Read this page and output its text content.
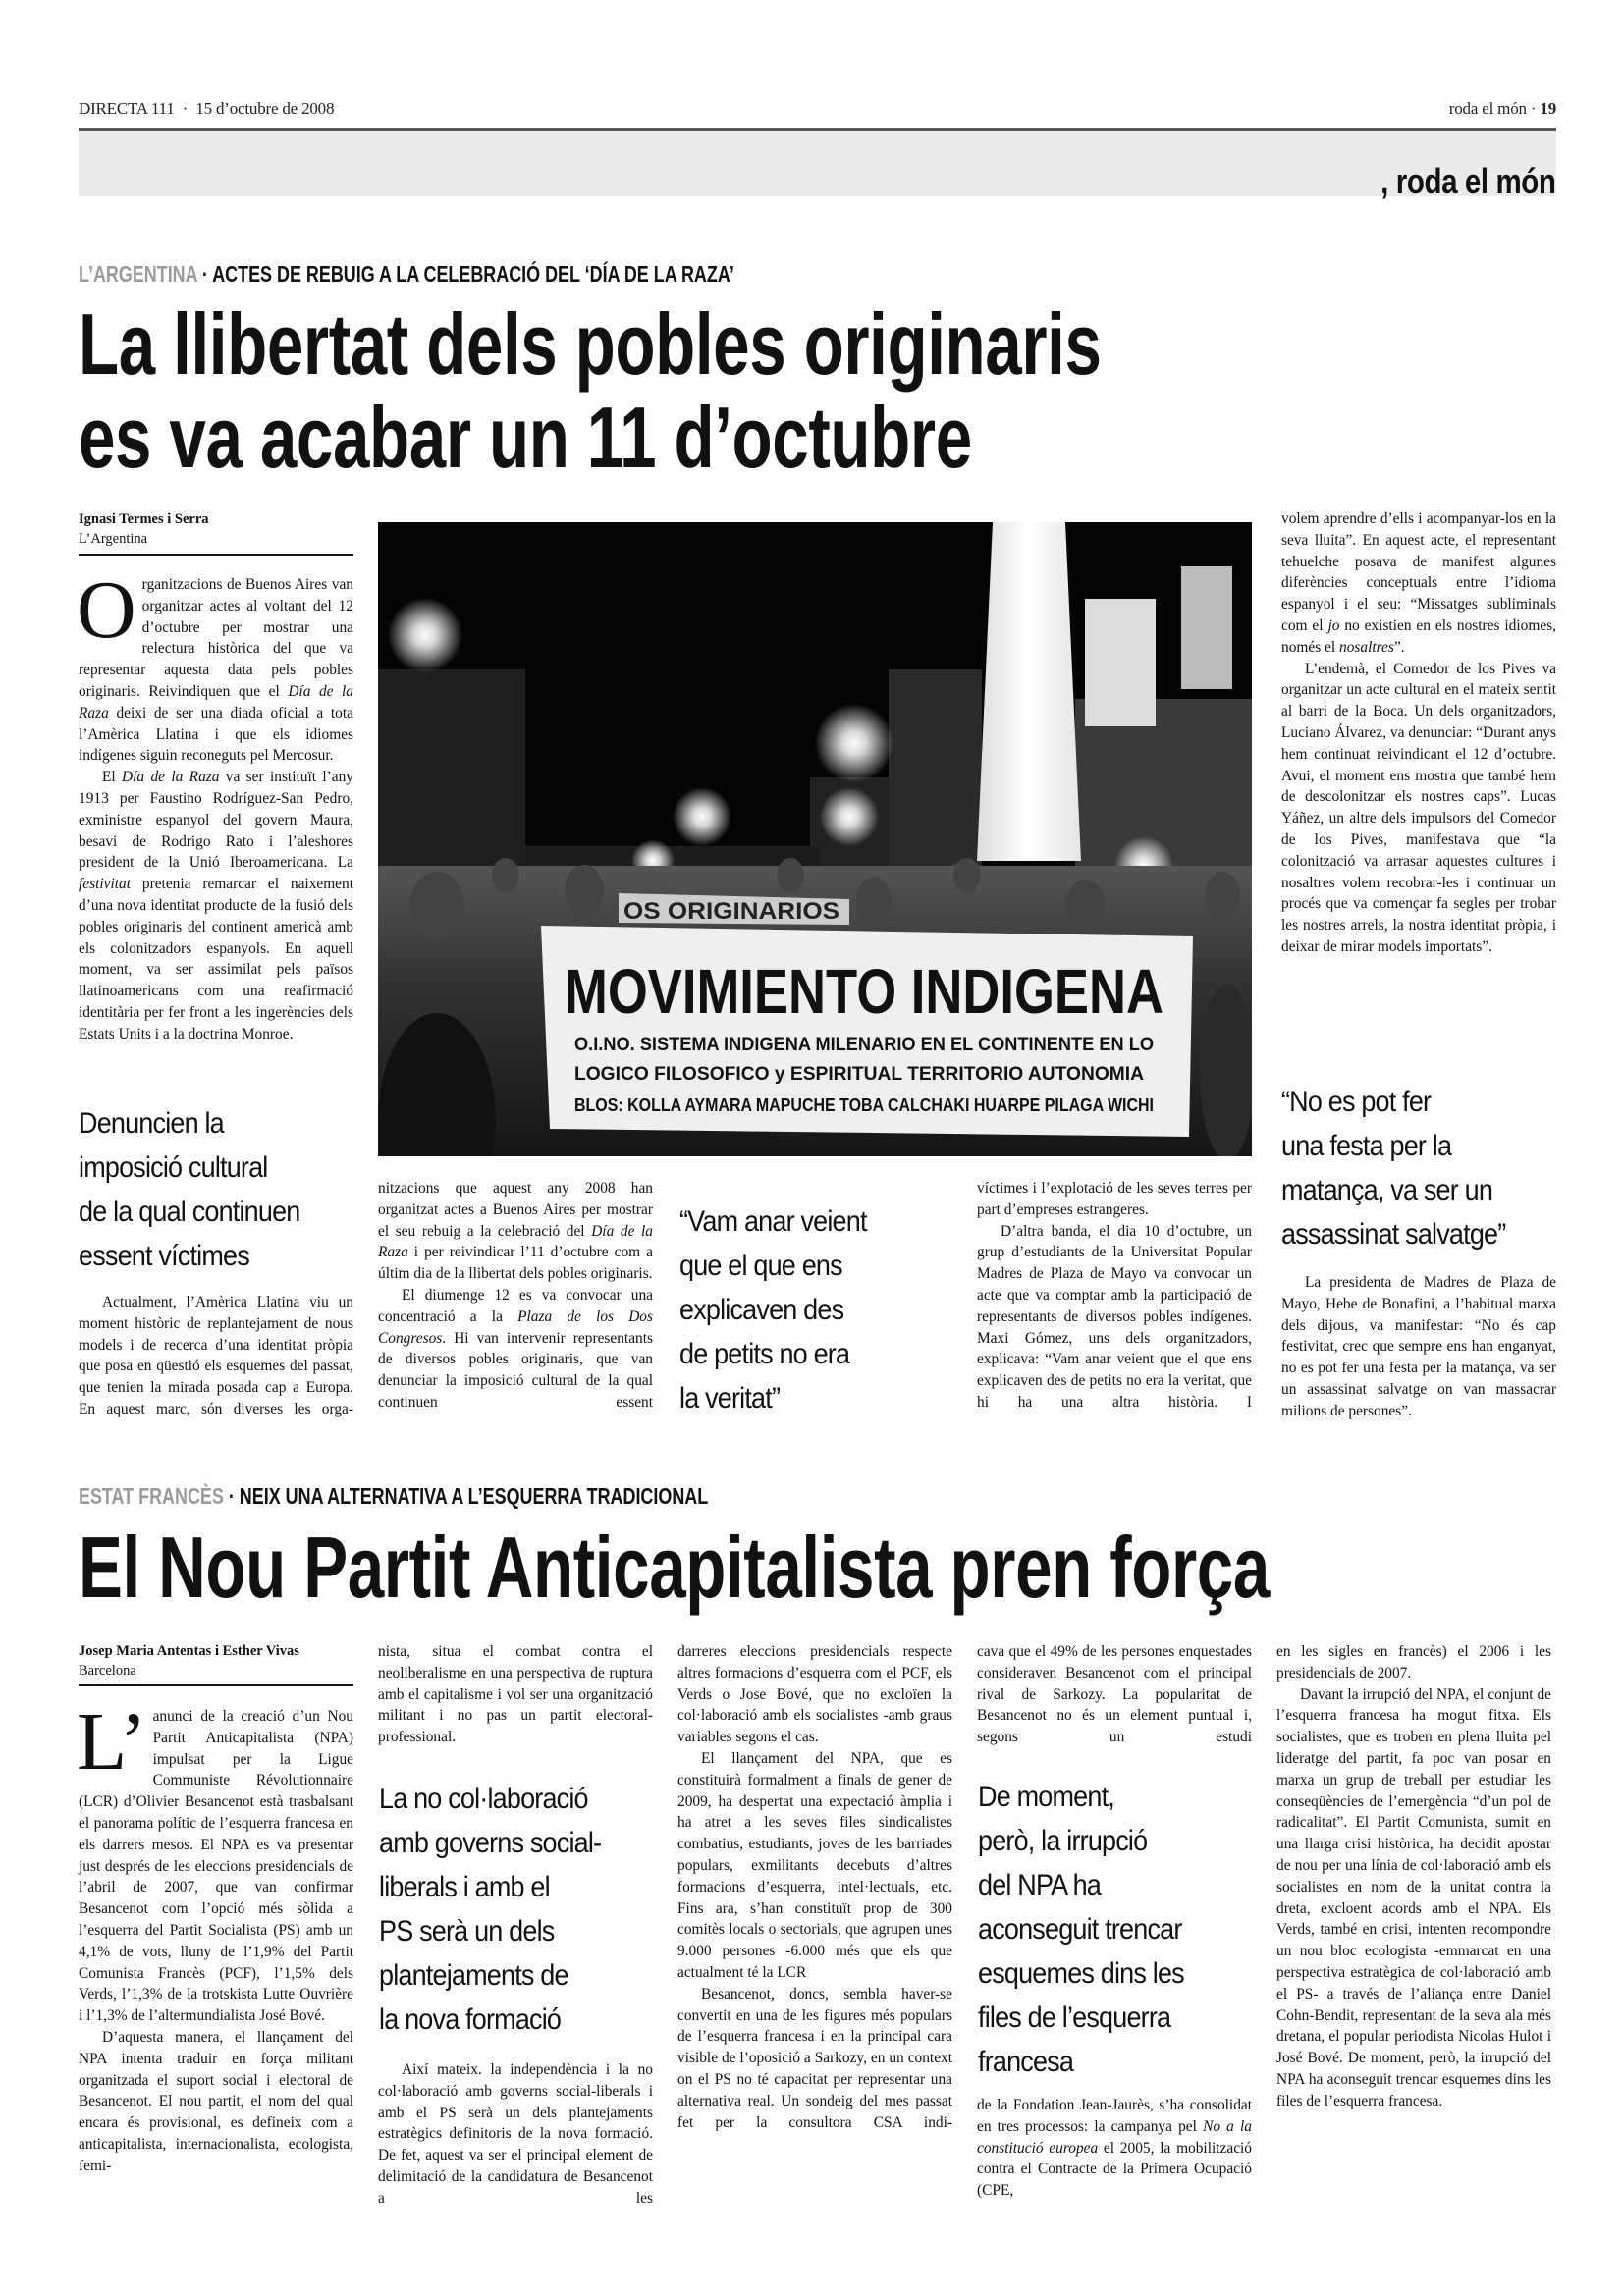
DIRECTA 111 · 15 d’octubre de 2008	roda el món · 19
, roda el món
L’ARGENTINA · ACTES DE REBUIG A LA CELEBRACIÓ DEL ‘DÍA DE LA RAZA’
La llibertat dels pobles originaris
es va acabar un 11 d’octubre
Ignasi Termes i Serra
L’Argentina

Organitzacions de Buenos Aires van organitzar actes al voltant del 12 d’octubre per mostrar una relectura històrica del que va representar aquesta data pels pobles originaris. Reivindiquen que el Día de la Raza deixi de ser una diada oficial a tota l’Amèrica Llatina i que els idiomes indígenes siguin reconeguts pel Mercosur.

El Día de la Raza va ser instituït l’any 1913 per Faustino Rodríguez-San Pedro, exministre espanyol del govern Maura, besavi de Rodrigo Rato i l’aleshores president de la Unió Iberoamericana. La festivitat pretenia remarcar el naixement d’una nova identitat producte de la fusió dels pobles originaris del continent americà amb els colonitzadors espanyols. En aquell moment, va ser assimilat pels països llatinoamericans com una reafirmació identitària per fer front a les ingerències dels Estats Units i a la doctrina Monroe.

Denuncien la
imposició cultural
de la qual continuen
essent víctimes

Actualment, l’Amèrica Llatina viu un moment històric de replantejament de nous models i de recerca d’una identitat pròpia que posa en qüestió els esquemes del passat, que tenien la mirada posada cap a Europa. En aquest marc, són diverses les orga-

nitzacions que aquest any 2008 han organitzat actes a Buenos Aires per mostrar el seu rebuig a la celebració del Día de la Raza i per reivindicar l’11 d’octubre com a últim dia de la llibertat dels pobles originaris.

El diumenge 12 es va convocar una concentració a la Plaza de los Dos Congresos. Hi van intervenir representants de diversos pobles originaris, que van denunciar la imposició cultural de la qual continuen essent

“Vam anar veient
que el que ens
explicaven des
de petits no era
la veritat”

víctimes i l’explotació de les seves terres per part d’empreses estrangeres.

D’altra banda, el dia 10 d’octubre, un grup d’estudiants de la Universitat Popular Madres de Plaza de Mayo va convocar un acte que va comptar amb la participació de representants de diversos pobles indígenes. Maxi Gómez, uns dels organitzadors, explicava: “Vam anar veient que el que ens explicaven des de petits no era la veritat, que hi ha una altra història. I

volem aprendre d’ells i acompanyar-los en la seva lluita”. En aquest acte, el representant tehuelche posava de manifest algunes diferències conceptuals entre l’idioma espanyol i el seu: “Missatges subliminals com el jo no existien en els nostres idiomes, només el nosaltres”.

L’endemà, el Comedor de los Pives va organitzar un acte cultural en el mateix sentit al barri de la Boca. Un dels organitzadors, Luciano Álvarez, va denunciar: “Durant anys hem continuat reivindicant el 12 d’octubre. Avui, el moment ens mostra que també hem de descolonitzar els nostres caps”. Lucas Yáñez, un altre dels impulsors del Comedor de los Pives, manifestava que “la colonització va arrasar aquestes cultures i nosaltres volem recobrar-les i continuar un procés que va començar fa segles per trobar les nostres arrels, la nostra identitat pròpia, i deixar de mirar models importats”.

“No es pot fer
una festa per la
matança, va ser un
assassinat salvatge”

La presidenta de Madres de Plaza de Mayo, Hebe de Bonafini, a l’habitual marxa dels dijous, va manifestar: “No és cap festivitat, crec que sempre ens han enganyat, no es pot fer una festa per la matança, va ser un assassinat salvatge on van massacrar milions de persones”.

OS ORIGINARIOS
MOVIMIENTO INDIGENA
O.I.NO. SISTEMA INDIGENA MILENARIO EN EL CONTINENTE EN LO
LOGICO FILOSOFICO y ESPIRITUAL TERRITORIO AUTONOMIA
BLOS: KOLLA AYMARA MAPUCHE TOBA CALCHAKI HUARPE PILAGA WICHI
ESTAT FRANCÈS · NEIX UNA ALTERNATIVA A L’ESQUERRA TRADICIONAL
El Nou Partit Anticapitalista pren força
Josep Maria Antentas i Esther Vivas
Barcelona

L’ anunci de la creació d’un Nou Partit Anticapitalista (NPA) impulsat per la Ligue Communiste Révolutionnaire (LCR) d’Olivier Besancenot està trasbalsant el panorama polític de l’esquerra francesa en els darrers mesos. El NPA es va presentar just després de les eleccions presidencials de l’abril de 2007, que van confirmar Besancenot com l’opció més sòlida a l’esquerra del Partit Socialista (PS) amb un 4,1% de vots, lluny de l’1,9% del Partit Comunista Francès (PCF), l’1,5% dels Verds, l’1,3% de la trotskista Lutte Ouvrière i l’1,3% de l’altermundialista José Bové.

D’aquesta manera, el llançament del NPA intenta traduir en força militant organitzada el suport social i electoral de Besancenot. El nou partit, el nom del qual encara és provisional, es defineix com a anticapitalista, internacionalista, ecologista, femi-

nista, situa el combat contra el neoliberalisme en una perspectiva de ruptura amb el capitalisme i vol ser una organització militant i no pas un partit electoral-professional.

La no col·laboració
amb governs social-
liberals i amb el
PS serà un dels
plantejaments de
la nova formació

Així mateix. la independència i la no col·laboració amb governs social-liberals i amb el PS serà un dels plantejaments estratègics definitoris de la nova formació. De fet, aquest va ser el principal element de delimitació de la candidatura de Besancenot a les

darreres eleccions presidencials respecte altres formacions d’esquerra com el PCF, els Verds o Jose Bové, que no excloïen la col·laboració amb els socialistes -amb graus variables segons el cas.

El llançament del NPA, que es constituirà formalment a finals de gener de 2009, ha despertat una expectació àmplia i ha atret a les seves files sindicalistes combatius, estudiants, joves de les barriades populars, exmilitants decebuts d’altres formacions d’esquerra, intel·lectuals, etc. Fins ara, s’han constituït prop de 300 comitès locals o sectorials, que agrupen unes 9.000 persones -6.000 més que els que actualment té la LCR

Besancenot, doncs, sembla haver-se convertit en una de les figures més populars de l’esquerra francesa i en la principal cara visible de l’oposició a Sarkozy, en un context on el PS no té capacitat per representar una alternativa real. Un sondeig del mes passat fet per la consultora CSA indi-

cava que el 49% de les persones enquestades consideraven Besancenot com el principal rival de Sarkozy. La popularitat de Besancenot no és un element puntual i, segons un estudi

De moment,
però, la irrupció
del NPA ha
aconseguit trencar
esquemes dins les
files de l’esquerra
francesa

de la Fondation Jean-Jaurès, s’ha consolidat en tres processos: la campanya pel No a la constitució europea el 2005, la mobilització contra el Contracte de la Primera Ocupació (CPE,

en les sigles en francès) el 2006 i les presidencials de 2007.

Davant la irrupció del NPA, el conjunt de l’esquerra francesa ha mogut fitxa. Els socialistes, que es troben en plena lluita pel lideratge del partit, fa poc van posar en marxa un grup de treball per estudiar les conseqüències de l’emergència “d’un pol de radicalitat”. El Partit Comunista, sumit en una llarga crisi històrica, ha decidit apostar de nou per una línia de col·laboració amb els socialistes en nom de la unitat contra la dreta, excloent acords amb el NPA. Els Verds, també en crisi, intenten recompondre un nou bloc ecologista -emmarcat en una perspectiva estratègica de col·laboració amb el PS- a través de l’aliança entre Daniel Cohn-Bendit, representant de la seva ala més dretana, el popular periodista Nicolas Hulot i José Bové. De moment, però, la irrupció del NPA ha aconseguit trencar esquemes dins les files de l’esquerra francesa.
